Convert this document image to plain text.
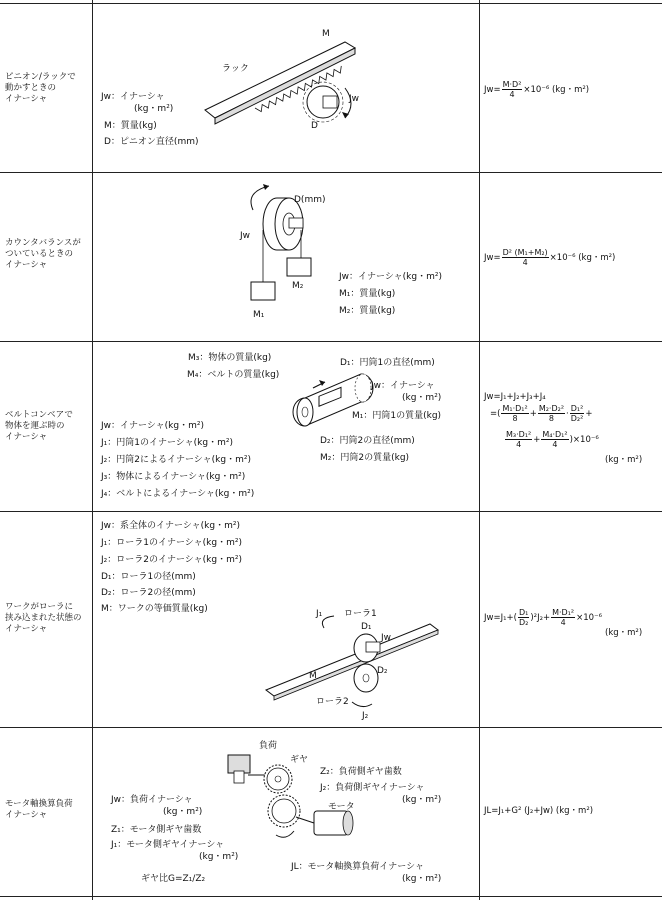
ピニオン/ラックで
動かすときの
イナーシャ
M
ラック
Jw
D
Jw：イナーシャ
(kg・m²)
M：質量(kg)
D：ピニオン直径(mm)
$Jw= \frac{\text{M·D²}}{4} \times 10^{-6}$ (kg・m²)
カウンタバランスが
ついているときの
イナーシャ
D(mm)
Jw
M₂
M₁
Jw：イナーシャ(kg・m²)
M₁：質量(kg)
M₂：質量(kg)
$Jw= \frac{\text{D² (M₁+M₂)}}{4} \times 10^{-6}$ (kg・m²)
ベルトコンベアで
物体を運ぶ時の
イナーシャ
M₃：物体の質量(kg)
M₄：ベルトの質量(kg)
D₁：円筒1の直径(mm)
Jw：イナーシャ
(kg・m²)
M₁：円筒1の質量(kg)
D₂：円筒2の直径(mm)
M₂：円筒2の質量(kg)
Jw：イナーシャ(kg・m²)
J₁：円筒1のイナーシャ(kg・m²)
J₂：円筒2によるイナーシャ(kg・m²)
J₃：物体によるイナーシャ(kg・m²)
J₄：ベルトによるイナーシャ(kg・m²)
Jw=J₁+J₂+J₃+J₄
=( $\frac{\text{M₁·D₁²}}{8} + \frac{\text{M₂·D₂²}}{8} \cdot \frac{\text{D₁²}}{\text{D₂²}}$ +
$\frac{\text{M₃·D₁²}}{4} + \frac{\text{M₄·D₁²}}{4} )\times 10^{-6}$
(kg・m²)
ワークがローラに
挟み込まれた状態の
イナーシャ
Jw：系全体のイナーシャ(kg・m²)
J₁：ローラ1のイナーシャ(kg・m²)
J₂：ローラ2のイナーシャ(kg・m²)
D₁：ローラ1の径(mm)
D₂：ローラ2の径(mm)
M：ワークの等価質量(kg)	J₁ ローラ1
D₁
Jw
M	D₂
ローラ2
J₂
$Jw=J_1+( \frac{\text{D₁}}{\text{D₂}} )^2J_2+ \frac{\text{M·D₁²}}{4} \times 10^{-6}$
(kg・m²)
モータ軸換算負荷
イナーシャ
負荷
ギヤ
モータ
Z₂：負荷側ギヤ歯数
J₂：負荷側ギヤイナーシャ
(kg・m²)
Jw：負荷イナーシャ
(kg・m²)
Z₁：モータ側ギヤ歯数
J₁：モータ側ギヤイナーシャ
(kg・m²)
JL：モータ軸換算負荷イナーシャ
(kg・m²)
ギヤ比G=Z₁/Z₂
JL=J₁+G² (J₂+Jw) (kg・m²)
